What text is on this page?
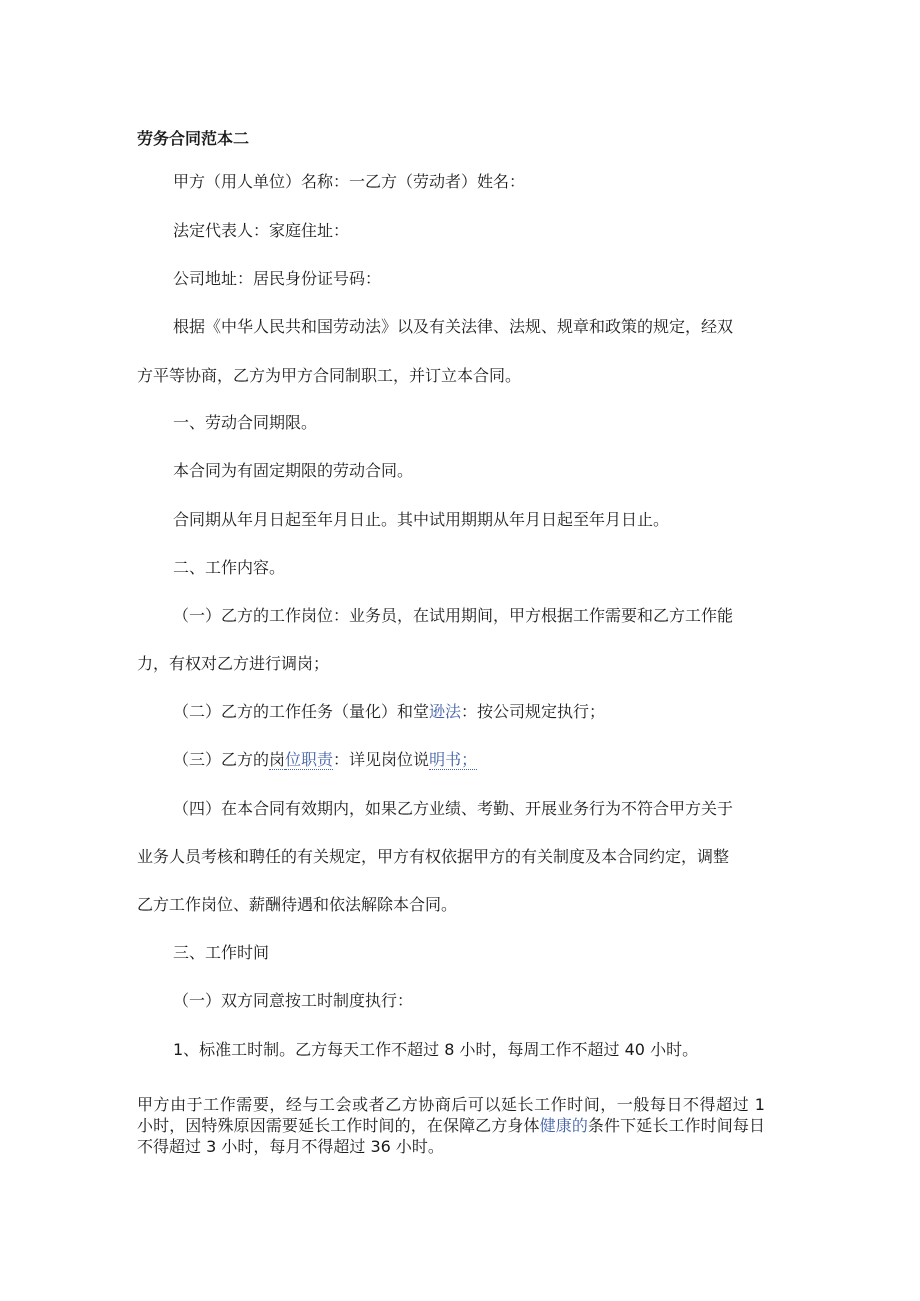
劳务合同范本二
甲方（用人单位）名称：一乙方（劳动者）姓名：
法定代表人：家庭住址：
公司地址：居民身份证号码：
根据《中华人民共和国劳动法》以及有关法律、法规、规章和政策的规定，经双
方平等协商，乙方为甲方合同制职工，并订立本合同。
一、劳动合同期限。
本合同为有固定期限的劳动合同。
合同期从年月日起至年月日止。其中试用期期从年月日起至年月日止。
二、工作内容。
（一）乙方的工作岗位：业务员，在试用期间，甲方根据工作需要和乙方工作能
力，有权对乙方进行调岗；
（二）乙方的工作任务（量化）和堂逊法：按公司规定执行；
（三）乙方的岗位职责：详见岗位说明书；
（四）在本合同有效期内，如果乙方业绩、考勤、开展业务行为不符合甲方关于
业务人员考核和聘任的有关规定，甲方有权依据甲方的有关制度及本合同约定，调整
乙方工作岗位、薪酬待遇和依法解除本合同。
三、工作时间
（一）双方同意按工时制度执行：
1、标准工时制。乙方每天工作不超过 8 小时，每周工作不超过 40 小时。
甲方由于工作需要，经与工会或者乙方协商后可以延长工作时间，一般每日不得超过 1 小时，因特殊原因需要延长工作时间的，在保障乙方身体健康的条件下延长工作时间每日不得超过 3 小时，每月不得超过 36 小时。
